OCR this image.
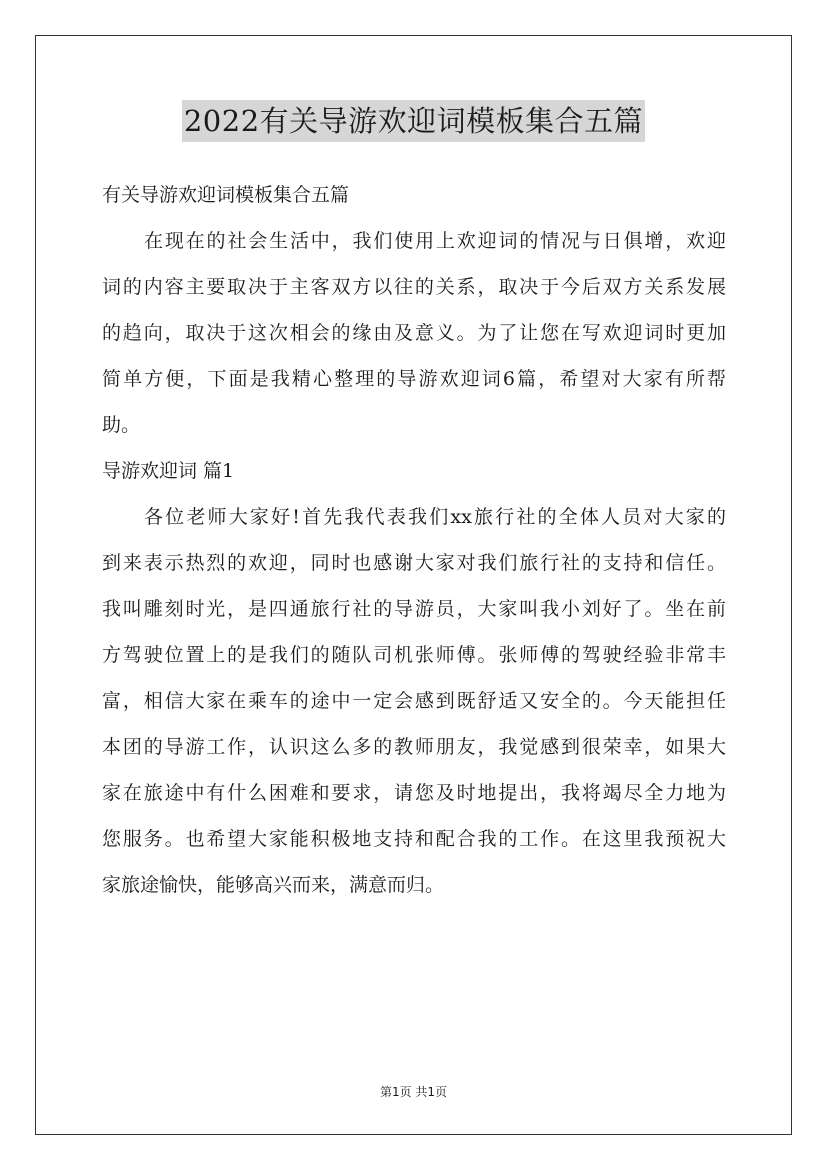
2022有关导游欢迎词模板集合五篇
有关导游欢迎词模板集合五篇
在现在的社会生活中，我们使用上欢迎词的情况与日俱增，欢迎
词的内容主要取决于主客双方以往的关系，取决于今后双方关系发展
的趋向，取决于这次相会的缘由及意义。为了让您在写欢迎词时更加
简单方便，下面是我精心整理的导游欢迎词6篇，希望对大家有所帮
助。
导游欢迎词 篇1
各位老师大家好!首先我代表我们xx旅行社的全体人员对大家的
到来表示热烈的欢迎，同时也感谢大家对我们旅行社的支持和信任。
我叫雕刻时光，是四通旅行社的导游员，大家叫我小刘好了。坐在前
方驾驶位置上的是我们的随队司机张师傅。张师傅的驾驶经验非常丰
富，相信大家在乘车的途中一定会感到既舒适又安全的。今天能担任
本团的导游工作，认识这么多的教师朋友，我觉感到很荣幸，如果大
家在旅途中有什么困难和要求，请您及时地提出，我将竭尽全力地为
您服务。也希望大家能积极地支持和配合我的工作。在这里我预祝大
家旅途愉快，能够高兴而来，满意而归。
第1页 共1页
